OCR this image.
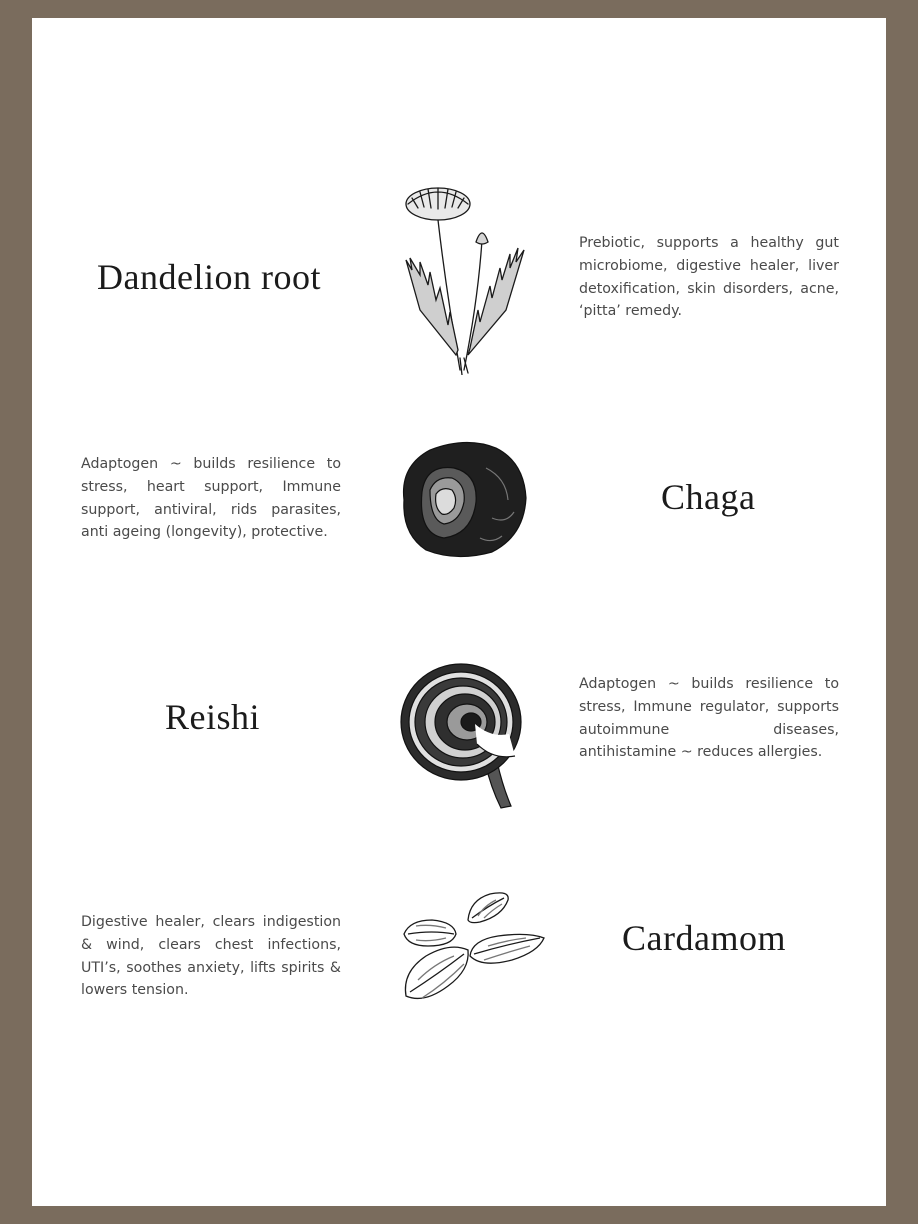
Dandelion root
Prebiotic, supports a healthy gut microbiome, digestive healer, liver detoxification, skin disorders, acne, ‘pitta’ remedy.
Adaptogen ~ builds resilience to stress, heart support, Immune support, antiviral, rids parasites, anti ageing (longevity), protective.
Chaga
Reishi
Adaptogen ~ builds resilience to stress, Immune regulator, supports autoimmune diseases, antihistamine ~ reduces allergies.
Digestive healer, clears indigestion & wind, clears chest infections, UTI’s, soothes anxiety, lifts spirits & lowers tension.
Cardamom
